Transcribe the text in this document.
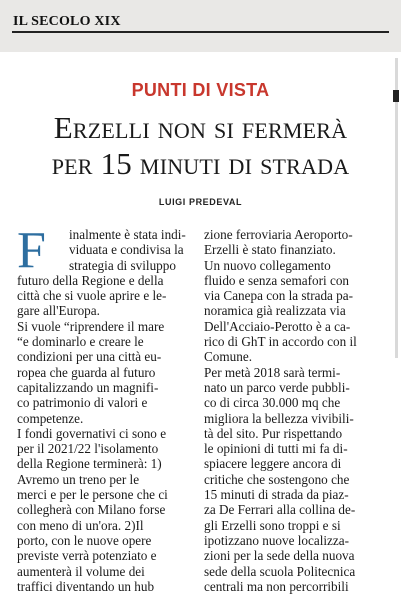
IL SECOLO XIX
PUNTI DI VISTA
Erzelli non si fermerà
per 15 minuti di strada
LUIGI PREDEVAL
F	inalmente è stata indi-
viduata e condivisa la
strategia di sviluppo
futuro della Regione e della
città che si vuole aprire e le-
gare all'Europa.
Si vuole “riprendere il mare
“e dominarlo e creare le
condizioni per una città eu-
ropea che guarda al futuro
capitalizzando un magnifi-
co patrimonio di valori e
competenze.
I fondi governativi ci sono e
per il 2021/22 l'isolamento
della Regione terminerà: 1)
Avremo un treno per le
merci e per le persone che ci
collegherà con Milano forse
con meno di un'ora. 2)Il
porto, con le nuove opere
previste verrà potenziato e
aumenterà il volume dei
traffici diventando un hub
zione ferroviaria Aeroporto-
Erzelli è stato finanziato.
Un nuovo collegamento
fluido e senza semafori con
via Canepa con la strada pa-
noramica già realizzata via
Dell'Acciaio-Perotto è a ca-
rico di GhT in accordo con il
Comune.
Per metà 2018 sarà termi-
nato un parco verde pubbli-
co di circa 30.000 mq che
migliora la bellezza vivibili-
tà del sito. Pur rispettando
le opinioni di tutti mi fa di-
spiacere leggere ancora di
critiche che sostengono che
15 minuti di strada da piaz-
za De Ferrari alla collina de-
gli Erzelli sono troppi e si
ipotizzano nuove localizza-
zioni per la sede della nuova
sede della scuola Politecnica
centrali ma non percorribili
